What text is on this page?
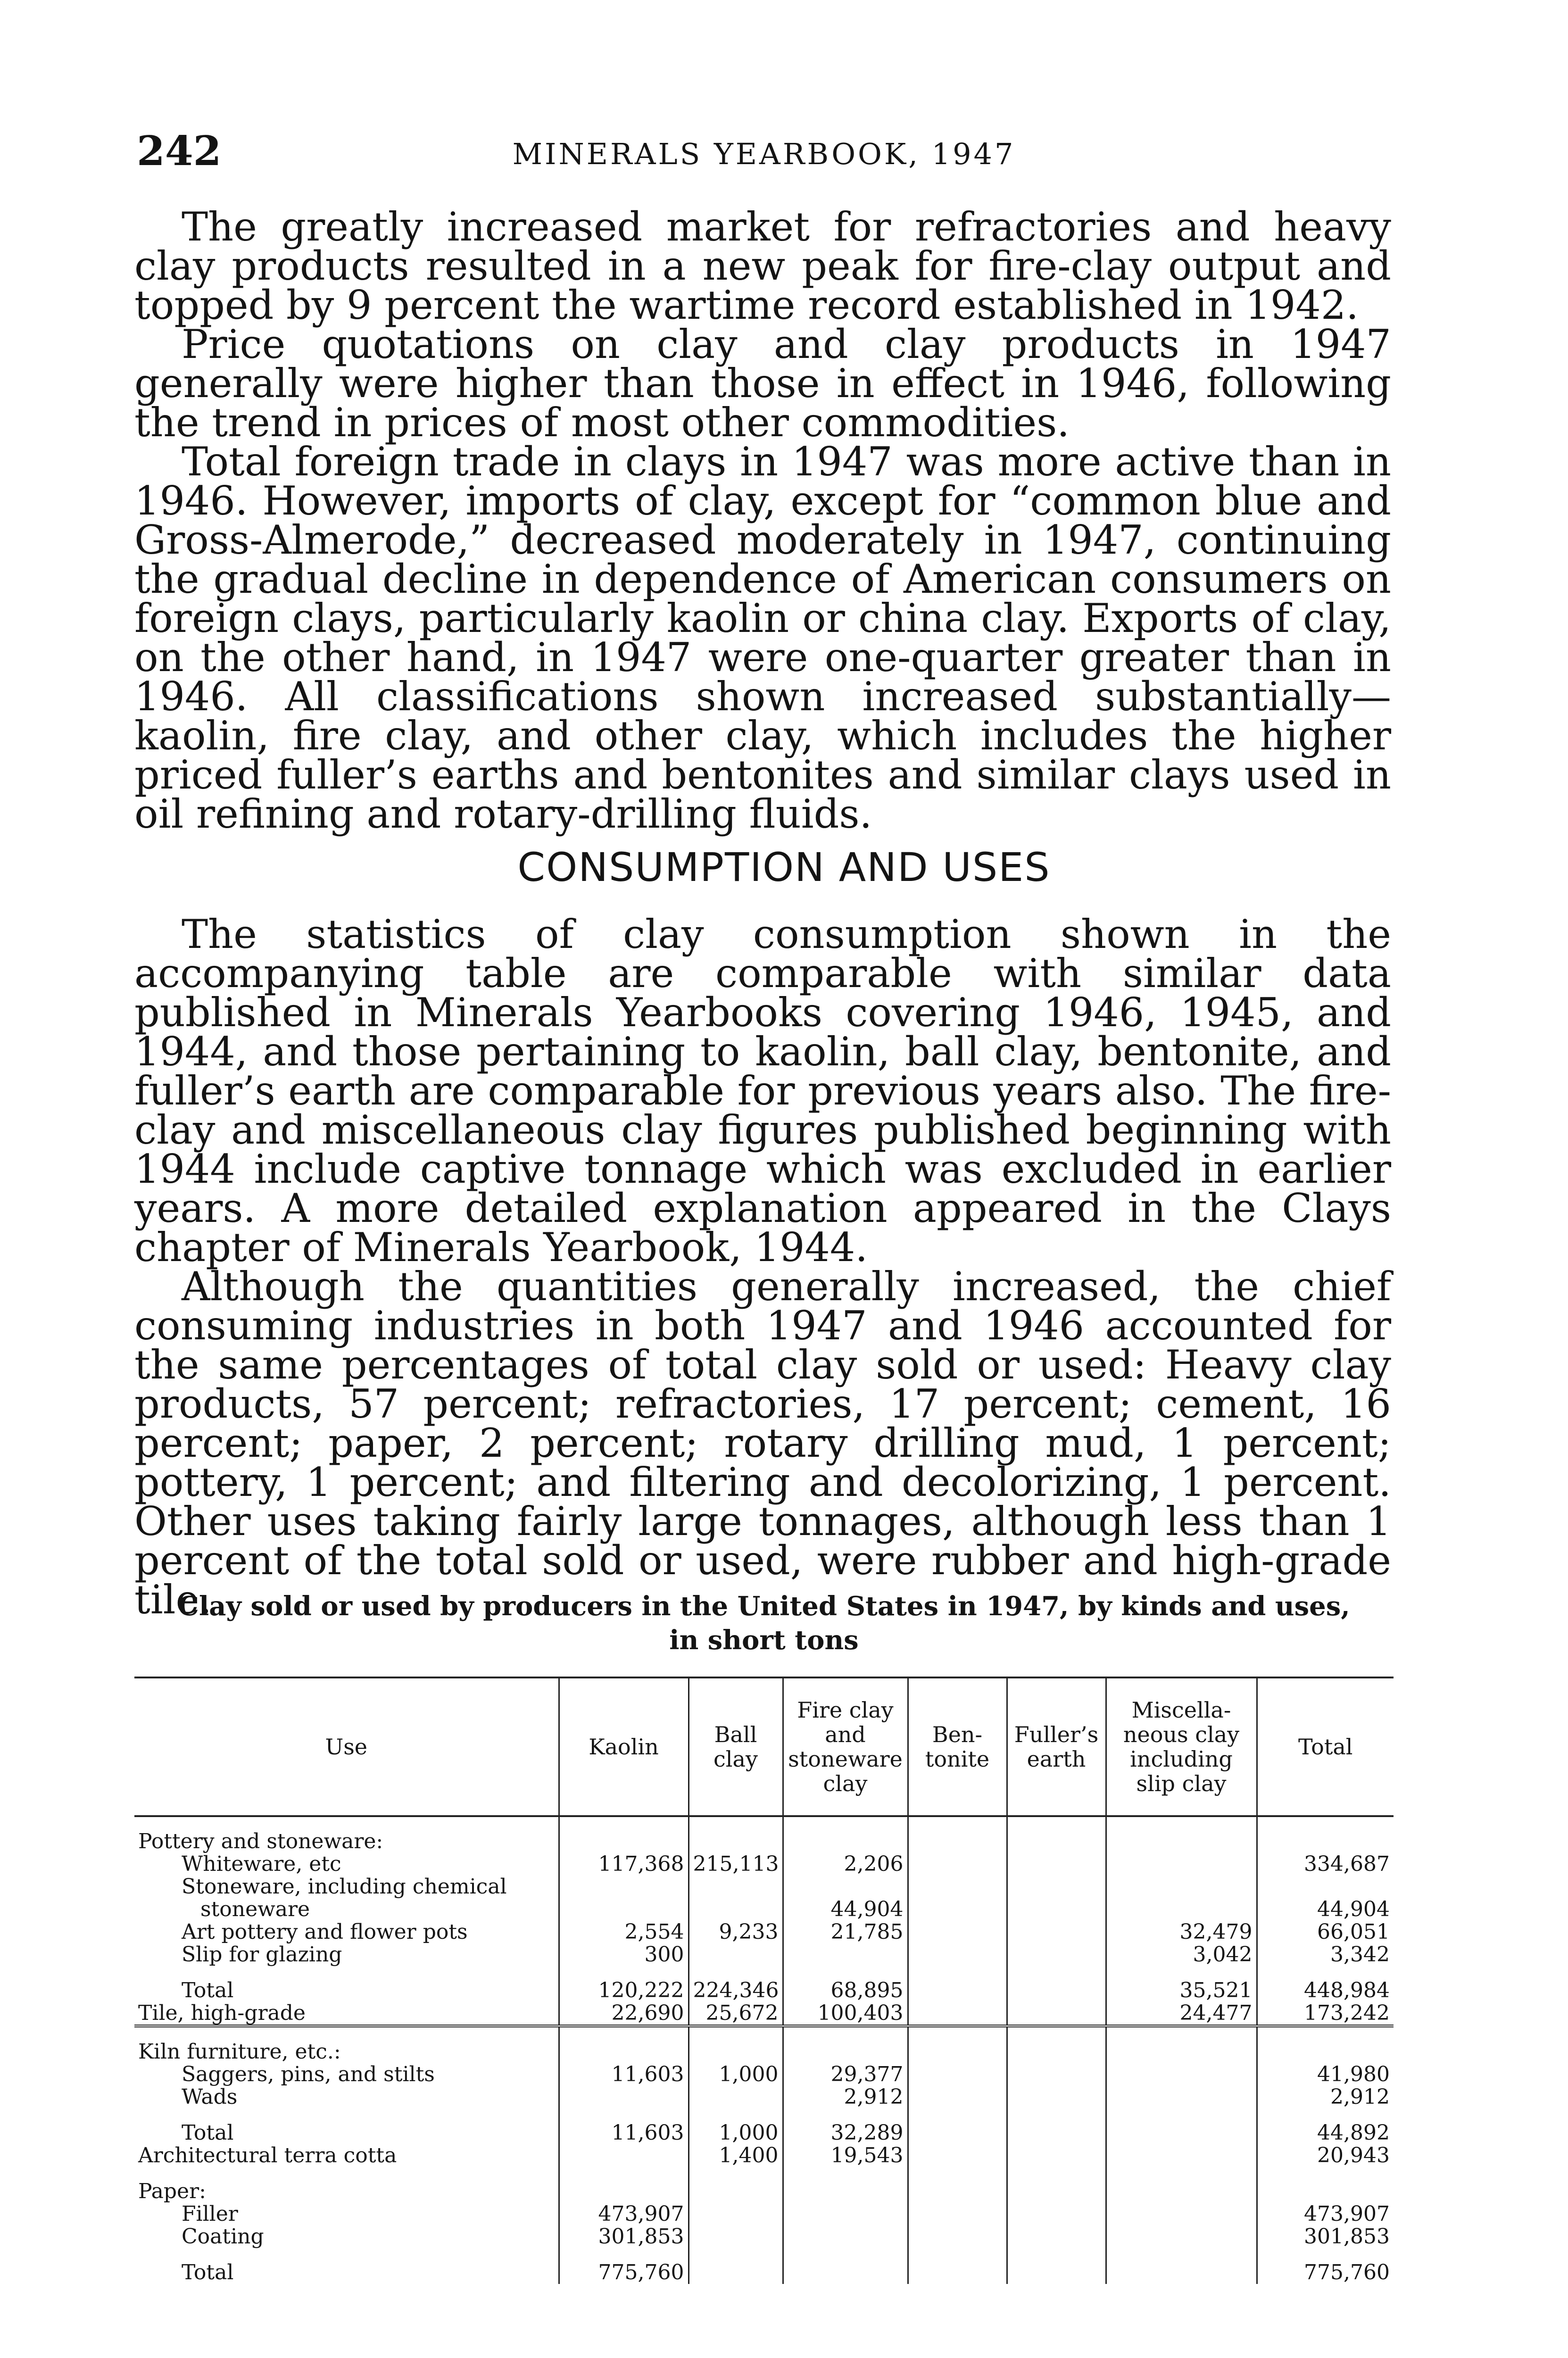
242	MINERALS YEARBOOK, 1947

The greatly increased market for refractories and heavy clay products resulted in a new peak for fire-clay output and topped by 9 percent the wartime record established in 1942.

Price quotations on clay and clay products in 1947 generally were higher than those in effect in 1946, following the trend in prices of most other commodities.

Total foreign trade in clays in 1947 was more active than in 1946. However, imports of clay, except for “common blue and Gross-Almerode,” decreased moderately in 1947, continuing the gradual decline in dependence of American consumers on foreign clays, particularly kaolin or china clay. Exports of clay, on the other hand, in 1947 were one-quarter greater than in 1946. All classifications shown increased substantially—kaolin, fire clay, and other clay, which includes the higher priced fuller’s earths and bentonites and similar clays used in oil refining and rotary-drilling fluids.

CONSUMPTION AND USES

The statistics of clay consumption shown in the accompanying table are comparable with similar data published in Minerals Yearbooks covering 1946, 1945, and 1944, and those pertaining to kaolin, ball clay, bentonite, and fuller’s earth are comparable for previous years also. The fire-clay and miscellaneous clay figures published beginning with 1944 include captive tonnage which was excluded in earlier years. A more detailed explanation appeared in the Clays chapter of Minerals Yearbook, 1944.

Although the quantities generally increased, the chief consuming industries in both 1947 and 1946 accounted for the same percentages of total clay sold or used: Heavy clay products, 57 percent; refractories, 17 percent; cement, 16 percent; paper, 2 percent; rotary drilling mud, 1 percent; pottery, 1 percent; and filtering and decolorizing, 1 percent. Other uses taking fairly large tonnages, although less than 1 percent of the total sold or used, were rubber and high-grade tile.

Clay sold or used by producers in the United States in 1947, by kinds and uses,
in short tons
Use	Kaolin	Ball clay	Fire clay and stoneware clay	Ben- tonite	Fuller’s earth	Miscella- neous clay including slip clay	Total

Pottery and stoneware:							
Whiteware, etc	117,368	215,113	2,206				334,687
Stoneware, including chemical							
stoneware			44,904				44,904
Art pottery and flower pots	2,554	9,233	21,785			32,479	66,051
Slip for glazing	300					3,042	3,342

Total	120,222	224,346	68,895			35,521	448,984
Tile, high-grade	22,690	25,672	100,403			24,477	173,242

Kiln furniture, etc.:							
Saggers, pins, and stilts	11,603	1,000	29,377				41,980
Wads			2,912				2,912

Total	11,603	1,000	32,289				44,892
Architectural terra cotta		1,400	19,543				20,943

Paper:							
Filler	473,907						473,907
Coating	301,853						301,853

Total	775,760						775,760
